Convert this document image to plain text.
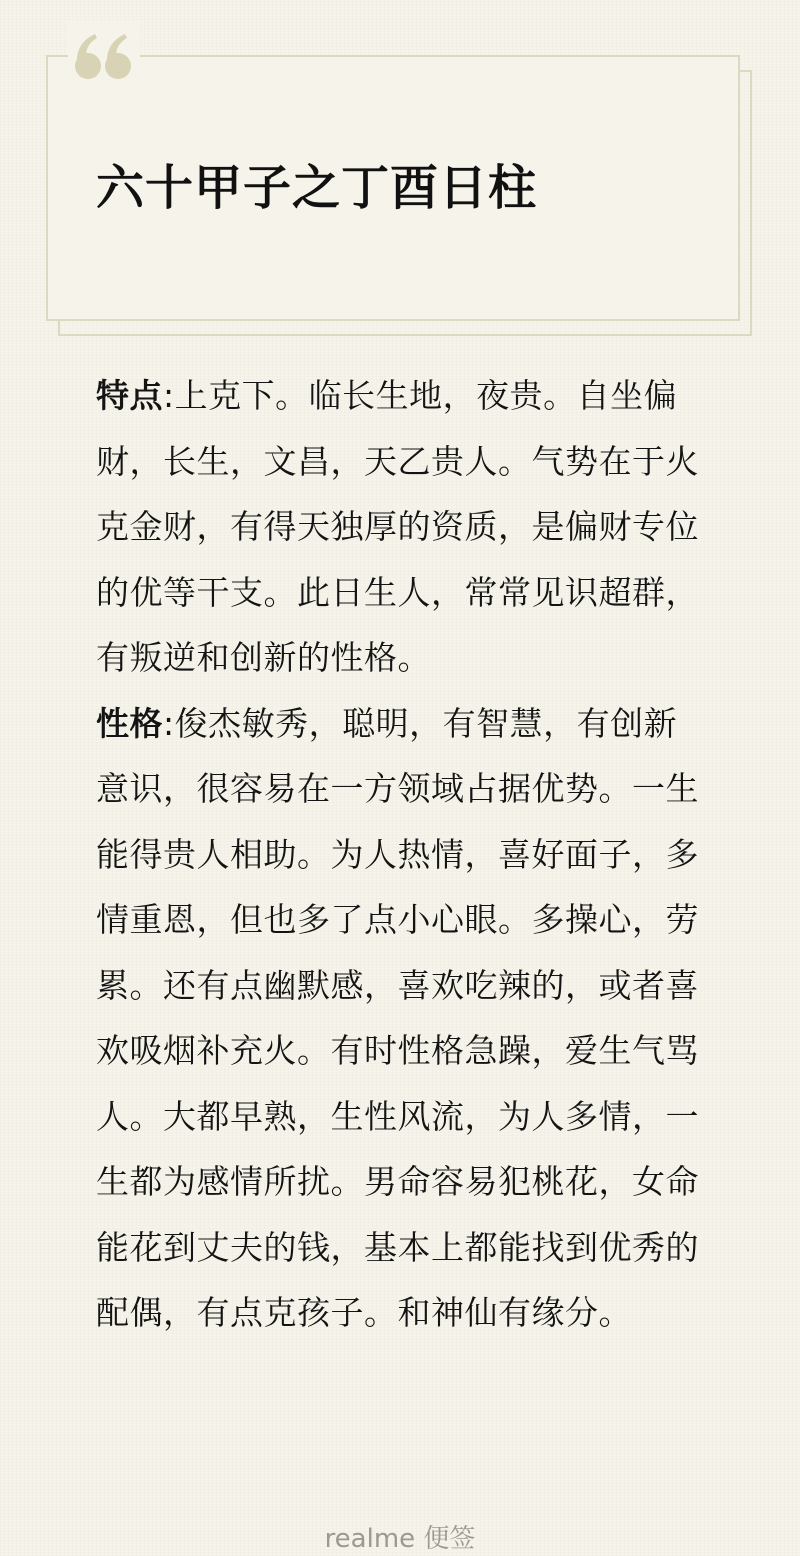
六十甲子之丁酉日柱

特点:上克下。临长生地，夜贵。自坐偏财，长生，文昌，天乙贵人。气势在于火克金财，有得天独厚的资质，是偏财专位的优等干支。此日生人，常常见识超群，有叛逆和创新的性格。

性格:俊杰敏秀，聪明，有智慧，有创新意识，很容易在一方领域占据优势。一生能得贵人相助。为人热情，喜好面子，多情重恩，但也多了点小心眼。多操心，劳累。还有点幽默感，喜欢吃辣的，或者喜欢吸烟补充火。有时性格急躁，爱生气骂人。大都早熟，生性风流，为人多情，一生都为感情所扰。男命容易犯桃花，女命能花到丈夫的钱，基本上都能找到优秀的配偶，有点克孩子。和神仙有缘分。

realme 便签
